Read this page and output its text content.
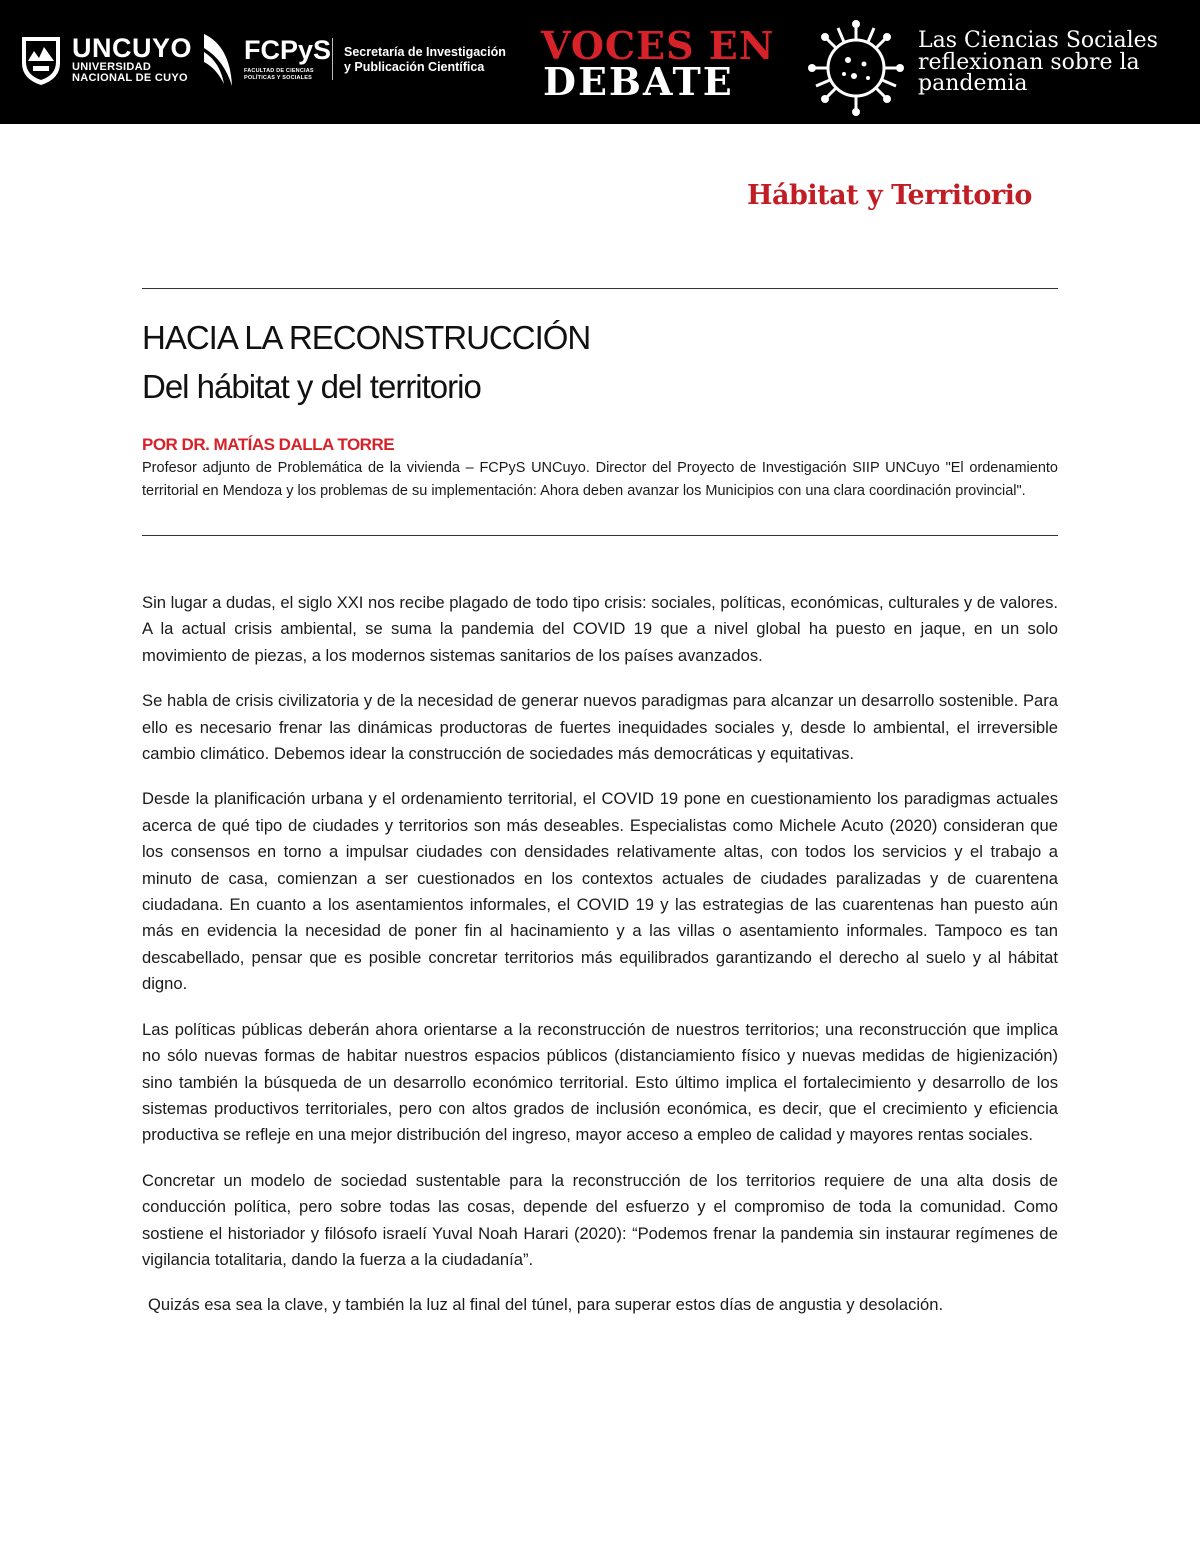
UNCUYO
UNIVERSIDAD
NACIONAL DE CUYO
FCPyS
FACULTAD DE CIENCIAS
POLÍTICAS Y SOCIALES
Secretaría de Investigación
y Publicación Científica VOCES EN
DEBATE
Las Ciencias Sociales
reflexionan sobre la
pandemia
Hábitat y Territorio
HACIA LA RECONSTRUCCIÓN
Del hábitat y del territorio
POR DR. MATÍAS DALLA TORRE
Profesor adjunto de Problemática de la vivienda – FCPyS UNCuyo. Director del Proyecto de Investigación SIIP UNCuyo "El ordenamiento territorial en Mendoza y los problemas de su implementación: Ahora deben avanzar los Municipios con una clara coordinación provincial".

Sin lugar a dudas, el siglo XXI nos recibe plagado de todo tipo crisis: sociales, políticas, económicas, culturales y de valores. A la actual crisis ambiental, se suma la pandemia del COVID 19 que a nivel global ha puesto en jaque, en un solo movimiento de piezas, a los modernos sistemas sanitarios de los países avanzados.

Se habla de crisis civilizatoria y de la necesidad de generar nuevos paradigmas para alcanzar un desarrollo sostenible. Para ello es necesario frenar las dinámicas productoras de fuertes inequidades sociales y, desde lo ambiental, el irreversible cambio climático. Debemos idear la construcción de sociedades más democráticas y equitativas.

Desde la planificación urbana y el ordenamiento territorial, el COVID 19 pone en cuestionamiento los paradigmas actuales acerca de qué tipo de ciudades y territorios son más deseables. Especialistas como Michele Acuto (2020) consideran que los consensos en torno a impulsar ciudades con densidades relativamente altas, con todos los servicios y el trabajo a minuto de casa, comienzan a ser cuestionados en los contextos actuales de ciudades paralizadas y de cuarentena ciudadana. En cuanto a los asentamientos informales, el COVID 19 y las estrategias de las cuarentenas han puesto aún más en evidencia la necesidad de poner fin al hacinamiento y a las villas o asentamiento informales. Tampoco es tan descabellado, pensar que es posible concretar territorios más equilibrados garantizando el derecho al suelo y al hábitat digno.

Las políticas públicas deberán ahora orientarse a la reconstrucción de nuestros territorios; una reconstrucción que implica no sólo nuevas formas de habitar nuestros espacios públicos (distanciamiento físico y nuevas medidas de higienización) sino también la búsqueda de un desarrollo económico territorial. Esto último implica el fortalecimiento y desarrollo de los sistemas productivos territoriales, pero con altos grados de inclusión económica, es decir, que el crecimiento y eficiencia productiva se refleje en una mejor distribución del ingreso, mayor acceso a empleo de calidad y mayores rentas sociales.

Concretar un modelo de sociedad sustentable para la reconstrucción de los territorios requiere de una alta dosis de conducción política, pero sobre todas las cosas, depende del esfuerzo y el compromiso de toda la comunidad. Como sostiene el historiador y filósofo israelí Yuval Noah Harari (2020): “Podemos frenar la pandemia sin instaurar regímenes de vigilancia totalitaria, dando la fuerza a la ciudadanía”.

Quizás esa sea la clave, y también la luz al final del túnel, para superar estos días de angustia y desolación.
